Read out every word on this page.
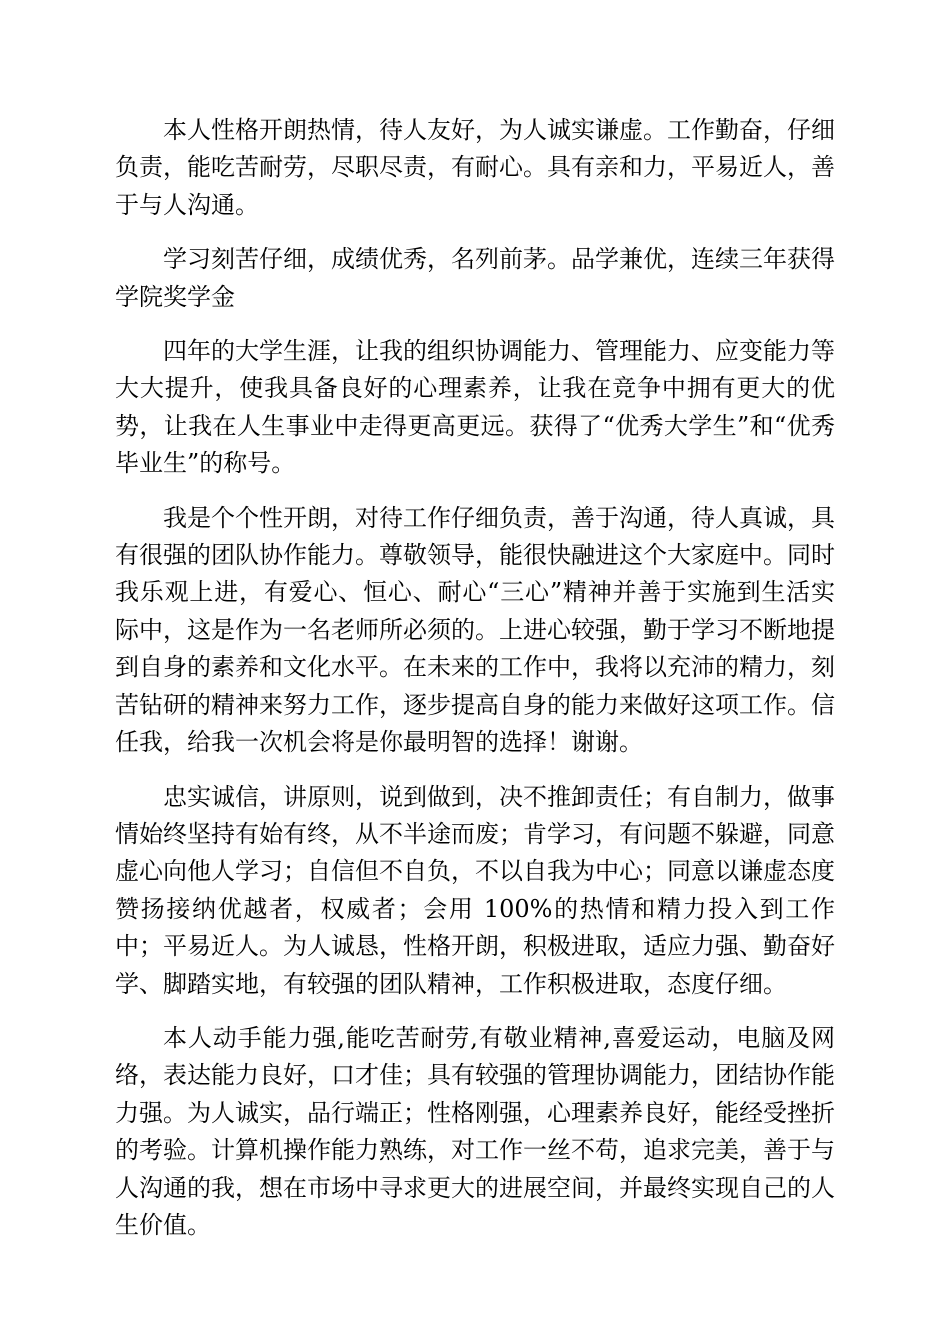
本人性格开朗热情，待人友好，为人诚实谦虚。工作勤奋，仔细负责，能吃苦耐劳，尽职尽责，有耐心。具有亲和力，平易近人，善于与人沟通。

学习刻苦仔细，成绩优秀，名列前茅。品学兼优，连续三年获得学院奖学金

四年的大学生涯，让我的组织协调能力、管理能力、应变能力等大大提升，使我具备良好的心理素养，让我在竞争中拥有更大的优势，让我在人生事业中走得更高更远。获得了“优秀大学生”和“优秀毕业生”的称号。

我是个个性开朗，对待工作仔细负责，善于沟通，待人真诚，具有很强的团队协作能力。尊敬领导，能很快融进这个大家庭中。同时我乐观上进，有爱心、恒心、耐心“三心”精神并善于实施到生活实际中，这是作为一名老师所必须的。上进心较强，勤于学习不断地提到自身的素养和文化水平。在未来的工作中，我将以充沛的精力，刻苦钻研的精神来努力工作，逐步提高自身的能力来做好这项工作。信任我，给我一次机会将是你最明智的选择！谢谢。

忠实诚信，讲原则，说到做到，决不推卸责任；有自制力，做事情始终坚持有始有终，从不半途而废；肯学习，有问题不躲避，同意虚心向他人学习；自信但不自负，不以自我为中心；同意以谦虚态度赞扬接纳优越者，权威者；会用 100%的热情和精力投入到工作中；平易近人。为人诚恳，性格开朗，积极进取，适应力强、勤奋好学、脚踏实地，有较强的团队精神，工作积极进取，态度仔细。

本人动手能力强,能吃苦耐劳,有敬业精神,喜爱运动，电脑及网络，表达能力良好，口才佳；具有较强的管理协调能力，团结协作能力强。为人诚实，品行端正；性格刚强，心理素养良好，能经受挫折的考验。计算机操作能力熟练，对工作一丝不苟，追求完美，善于与人沟通的我，想在市场中寻求更大的进展空间，并最终实现自己的人生价值。
